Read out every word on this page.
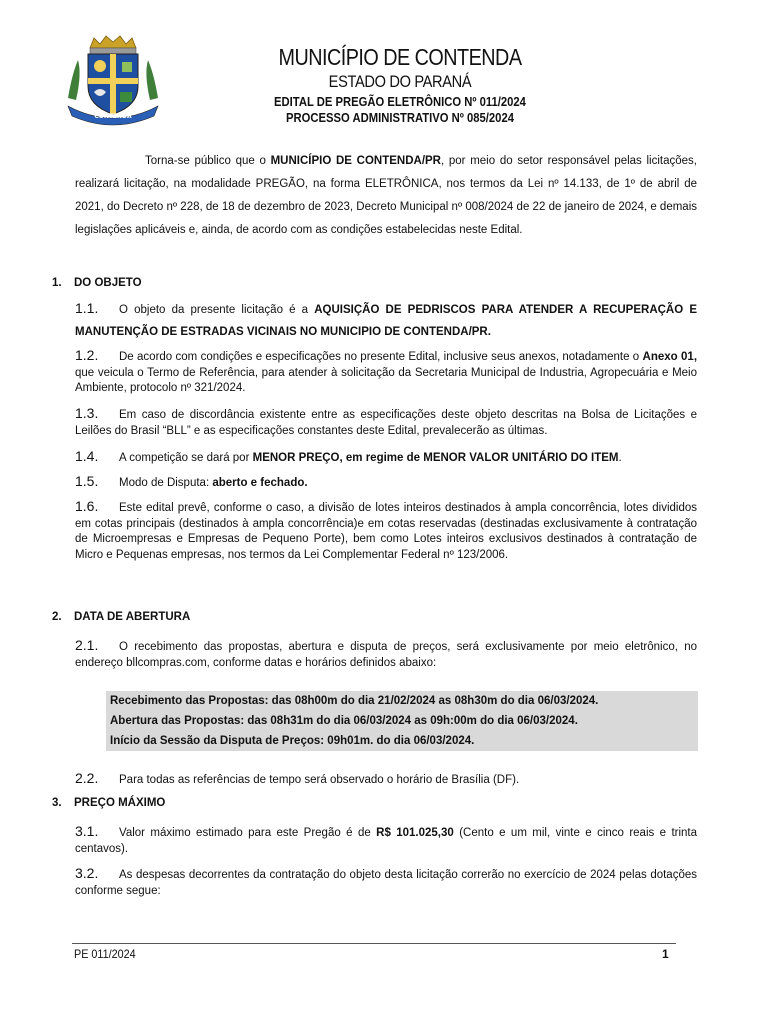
CONTENDA
MUNICÍPIO DE CONTENDA
ESTADO DO PARANÁ
EDITAL DE PREGÃO ELETRÔNICO Nº 011/2024
PROCESSO ADMINISTRATIVO Nº 085/2024
Torna-se público que o MUNICÍPIO DE CONTENDA/PR, por meio do setor responsável pelas licitações, realizará licitação, na modalidade PREGÃO, na forma ELETRÔNICA, nos termos da Lei nº 14.133, de 1º de abril de 2021, do Decreto nº 228, de 18 de dezembro de 2023, Decreto Municipal nº 008/2024 de 22 de janeiro de 2024, e demais legislações aplicáveis e, ainda, de acordo com as condições estabelecidas neste Edital.
1. DO OBJETO
1.1. O objeto da presente licitação é a AQUISIÇÃO DE PEDRISCOS PARA ATENDER A RECUPERAÇÃO E MANUTENÇÃO DE ESTRADAS VICINAIS NO MUNICIPIO DE CONTENDA/PR.
1.2. De acordo com condições e especificações no presente Edital, inclusive seus anexos, notadamente o Anexo 01, que veicula o Termo de Referência, para atender à solicitação da Secretaria Municipal de Industria, Agropecuária e Meio Ambiente, protocolo nº 321/2024.
1.3. Em caso de discordância existente entre as especificações deste objeto descritas na Bolsa de Licitações e Leilões do Brasil “BLL” e as especificações constantes deste Edital, prevalecerão as últimas.
1.4. A competição se dará por MENOR PREÇO, em regime de MENOR VALOR UNITÁRIO DO ITEM.
1.5. Modo de Disputa: aberto e fechado.
1.6. Este edital prevê, conforme o caso, a divisão de lotes inteiros destinados à ampla concorrência, lotes divididos em cotas principais (destinados à ampla concorrência)e em cotas reservadas (destinadas exclusivamente à contratação de Microempresas e Empresas de Pequeno Porte), bem como Lotes inteiros exclusivos destinados à contratação de Micro e Pequenas empresas, nos termos da Lei Complementar Federal nº 123/2006.
2. DATA DE ABERTURA
2.1. O recebimento das propostas, abertura e disputa de preços, será exclusivamente por meio eletrônico, no endereço bllcompras.com, conforme datas e horários definidos abaixo:
Recebimento das Propostas: das 08h00m do dia 21/02/2024 as 08h30m do dia 06/03/2024.
Abertura das Propostas: das 08h31m do dia 06/03/2024 as 09h:00m do dia 06/03/2024.
Início da Sessão da Disputa de Preços: 09h01m. do dia 06/03/2024.
2.2. Para todas as referências de tempo será observado o horário de Brasília (DF).
3. PREÇO MÁXIMO
3.1. Valor máximo estimado para este Pregão é de R$ 101.025,30 (Cento e um mil, vinte e cinco reais e trinta centavos).
3.2. As despesas decorrentes da contratação do objeto desta licitação correrão no exercício de 2024 pelas dotações conforme segue:
PE 011/2024	1
